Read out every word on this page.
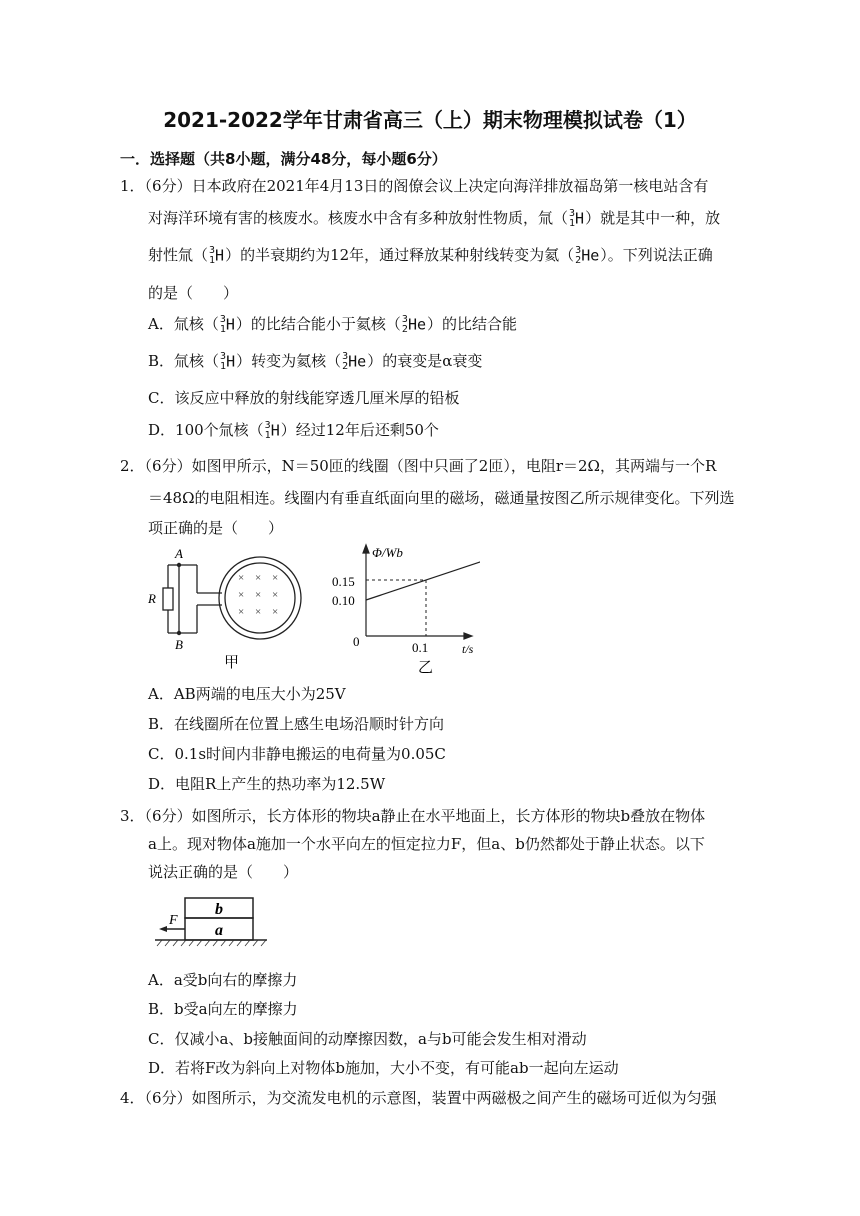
2021-2022学年甘肃省高三（上）期末物理模拟试卷（1）
一．选择题（共8小题，满分48分，每小题6分）
1．（6分）日本政府在2021年4月13日的阁僚会议上决定向海洋排放福岛第一核电站含有
对海洋环境有害的核废水。核废水中含有多种放射性物质，氚（ 3
1 H）就是其中一种，放
射性氚（ 3
1 H）的半衰期约为12年，通过释放某种射线转变为氦（ 3
2 He）。下列说法正确
的是（　　）
A．氚核（ 3
1 H）的比结合能小于氦核（ 3
2 He）的比结合能
B．氚核（ 3
1 H）转变为氦核（ 3
2 He）的衰变是α衰变
C．该反应中释放的射线能穿透几厘米厚的铅板
D．100个氚核（ 3
1 H）经过12年后还剩50个
2．（6分）如图甲所示，N＝50匝的线圈（图中只画了2匝），电阻r＝2Ω，其两端与一个R
＝48Ω的电阻相连。线圈内有垂直纸面向里的磁场，磁通量按图乙所示规律变化。下列选
项正确的是（　　）
A
B
R
× × ×
× × ×
× × ×
甲
Φ/Wb
t/s
0
0.15
0.10
0.1
乙
A．AB两端的电压大小为25V
B．在线圈所在位置上感生电场沿顺时针方向
C．0.1s时间内非静电搬运的电荷量为0.05C
D．电阻R上产生的热功率为12.5W
3．（6分）如图所示，长方体形的物块a静止在水平地面上，长方体形的物块b叠放在物体
a上。现对物体a施加一个水平向左的恒定拉力F，但a、b仍然都处于静止状态。以下
说法正确的是（　　）
b
a
F
A．a受b向右的摩擦力
B．b受a向左的摩擦力
C．仅减小a、b接触面间的动摩擦因数，a与b可能会发生相对滑动
D．若将F改为斜向上对物体b施加，大小不变，有可能ab一起向左运动
4．（6分）如图所示，为交流发电机的示意图，装置中两磁极之间产生的磁场可近似为匀强
